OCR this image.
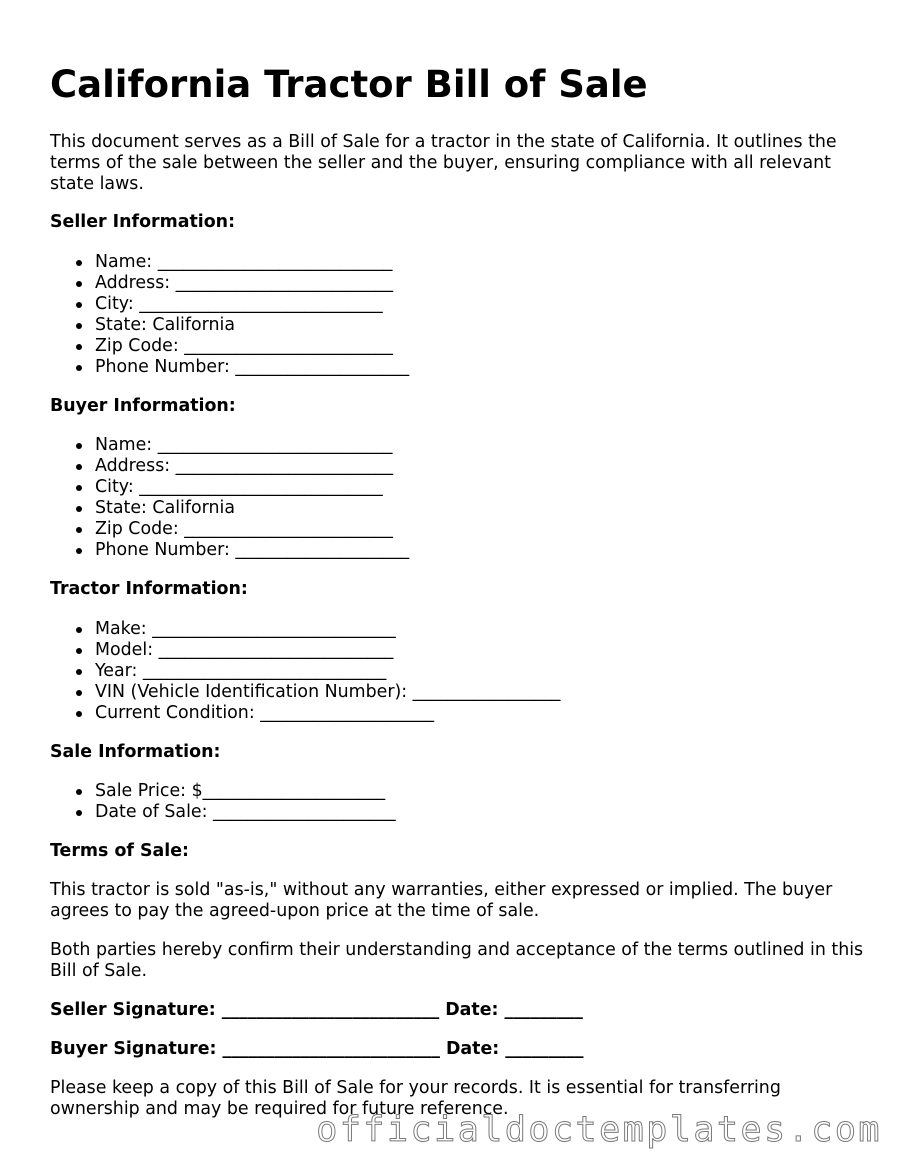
California Tractor Bill of Sale

This document serves as a Bill of Sale for a tractor in the state of California. It outlines the terms of the sale between the seller and the buyer, ensuring compliance with all relevant state laws.

Seller Information:

Name: ___________________________
Address: _________________________
City: ____________________________
State: California
Zip Code: ________________________
Phone Number: ____________________

Buyer Information:

Name: ___________________________
Address: _________________________
City: ____________________________
State: California
Zip Code: ________________________
Phone Number: ____________________

Tractor Information:

Make: ____________________________
Model: ___________________________
Year: ____________________________
VIN (Vehicle Identification Number): _________________
Current Condition: ____________________

Sale Information:

Sale Price: $_____________________
Date of Sale: _____________________

Terms of Sale:

This tractor is sold "as-is," without any warranties, either expressed or implied. The buyer agrees to pay the agreed-upon price at the time of sale.

Both parties hereby confirm their understanding and acceptance of the terms outlined in this Bill of Sale.

Seller Signature: _________________________ Date: _________

Buyer Signature: _________________________ Date: _________

Please keep a copy of this Bill of Sale for your records. It is essential for transferring ownership and may be required for future reference.

officialdoctemplates.com
